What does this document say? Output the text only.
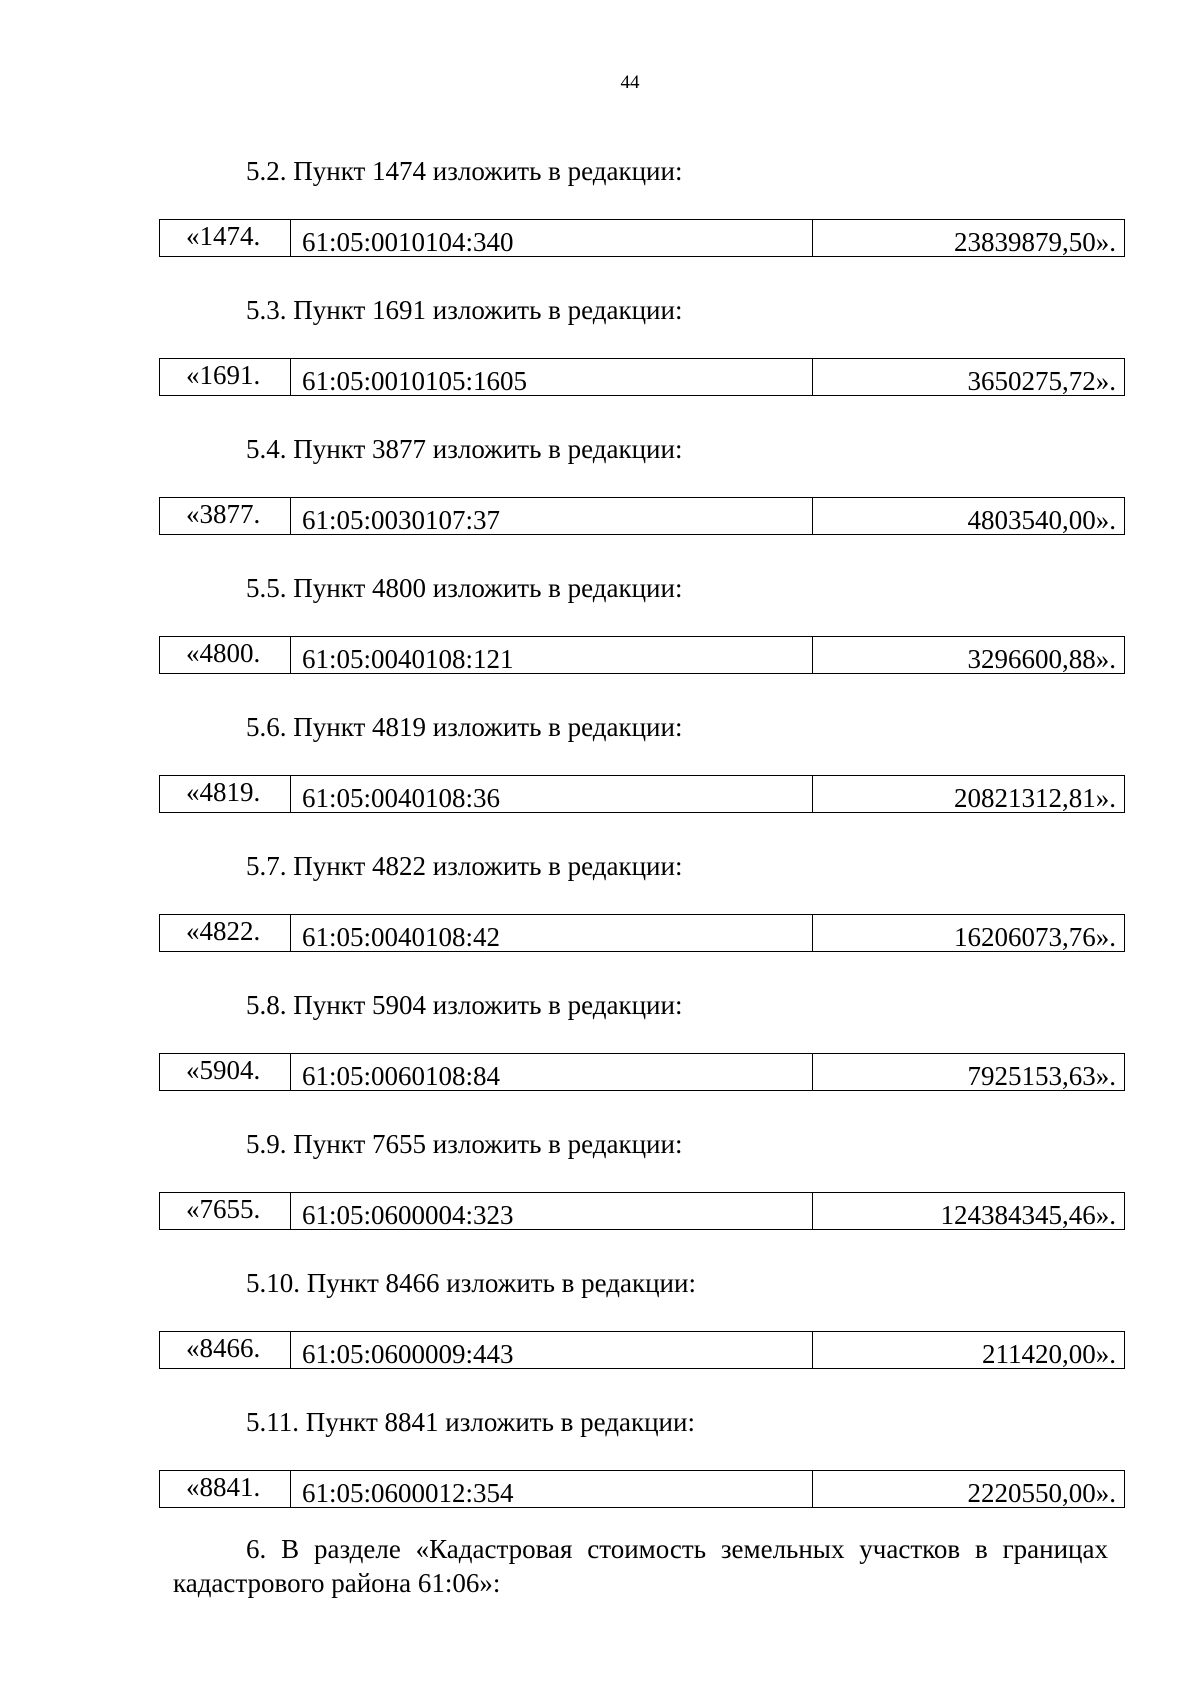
44
5.2. Пункт 1474 изложить в редакции:
«1474.	61:05:0010104:340	23839879,50».
5.3. Пункт 1691 изложить в редакции:
«1691.	61:05:0010105:1605	3650275,72».
5.4. Пункт 3877 изложить в редакции:
«3877.	61:05:0030107:37	4803540,00».
5.5. Пункт 4800 изложить в редакции:
«4800.	61:05:0040108:121	3296600,88».
5.6. Пункт 4819 изложить в редакции:
«4819.	61:05:0040108:36	20821312,81».
5.7. Пункт 4822 изложить в редакции:
«4822.	61:05:0040108:42	16206073,76».
5.8. Пункт 5904 изложить в редакции:
«5904.	61:05:0060108:84	7925153,63».
5.9. Пункт 7655 изложить в редакции:
«7655.	61:05:0600004:323	124384345,46».
5.10. Пункт 8466 изложить в редакции:
«8466.	61:05:0600009:443	211420,00».
5.11. Пункт 8841 изложить в редакции:
«8841.	61:05:0600012:354	2220550,00».
6. В разделе «Кадастровая стоимость земельных участков в границах кадастрового района 61:06»:
